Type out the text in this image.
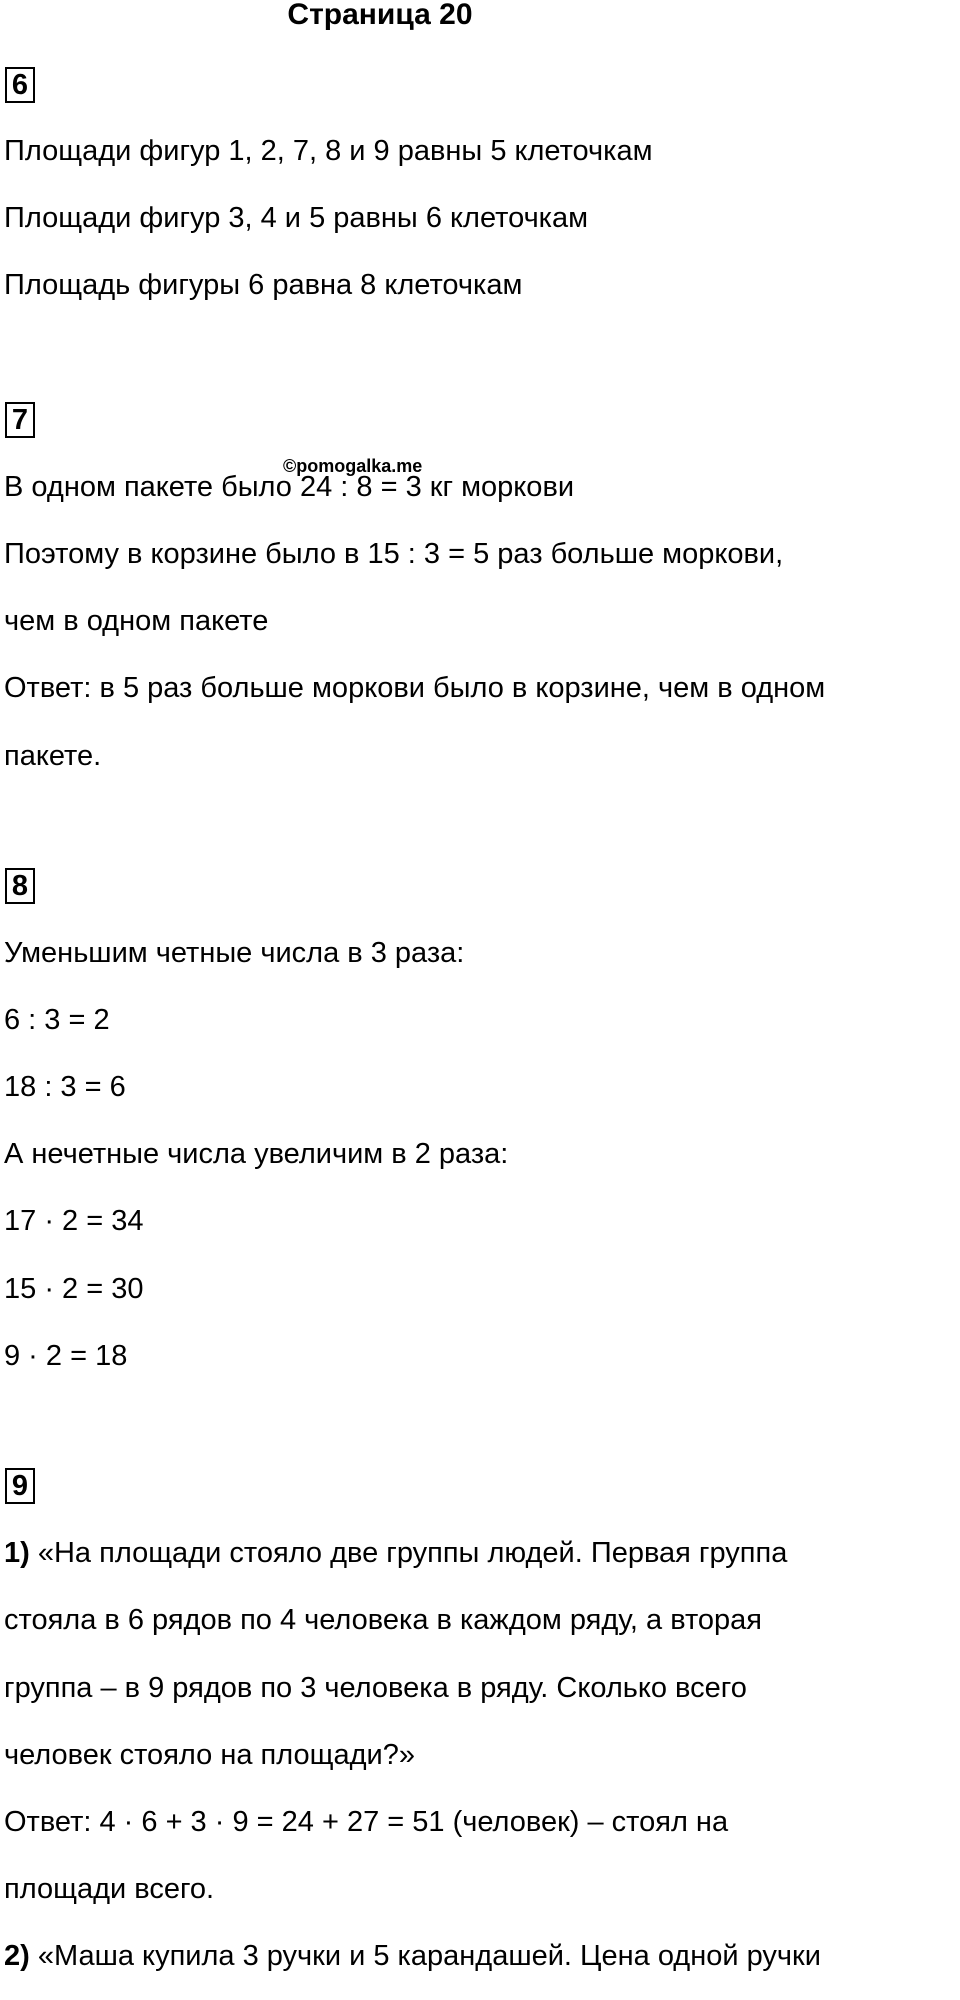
Страница 20
6
Площади фигур 1, 2, 7, 8 и 9 равны 5 клеточкам
Площади фигур 3, 4 и 5 равны 6 клеточкам
Площадь фигуры 6 равна 8 клеточкам
7
©pomogalka.me
В одном пакете было 24 : 8 = 3 кг моркови
Поэтому в корзине было в 15 : 3 = 5 раз больше моркови,
чем в одном пакете
Ответ: в 5 раз больше моркови было в корзине, чем в одном
пакете.
8
Уменьшим четные числа в 3 раза:
6 : 3 = 2
18 : 3 = 6
А нечетные числа увеличим в 2 раза:
17 · 2 = 34
15 · 2 = 30
9 · 2 = 18
9
1) «На площади стояло две группы людей. Первая группа
стояла в 6 рядов по 4 человека в каждом ряду, а вторая
группа – в 9 рядов по 3 человека в ряду. Сколько всего
человек стояло на площади?»
Ответ: 4 · 6 + 3 · 9 = 24 + 27 = 51 (человек) – стоял на
площади всего.
2) «Маша купила 3 ручки и 5 карандашей. Цена одной ручки
